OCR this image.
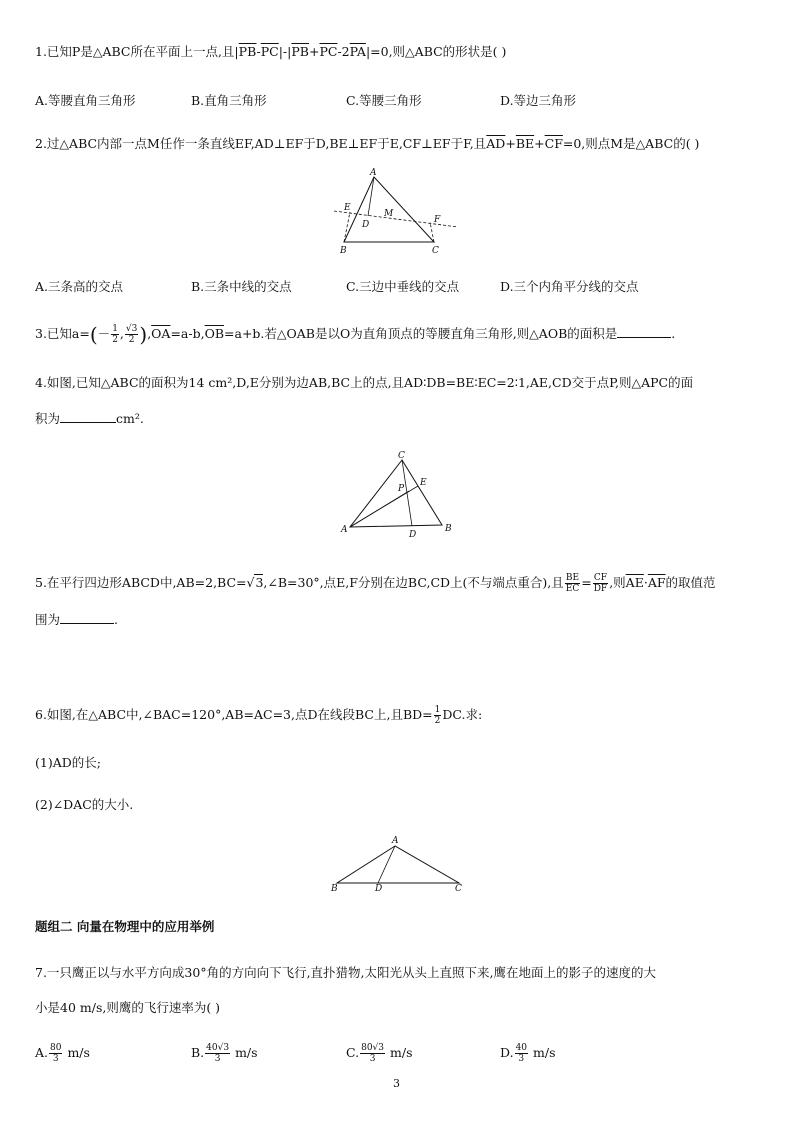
1.已知P是△ABC所在平面上一点,且$|\overline{PB}-\overline{PC}|-|\overline{PB}+\overline{PC}-2\overline{PA}|=0$,则△ABC的形状是( )
A.等腰直角三角形	B.直角三角形	C.等腰三角形	D.等边三角形
2.过△ABC内部一点M任作一条直线EF,AD⊥EF于D,BE⊥EF于E,CF⊥EF于F,且$\overline{AD}+\overline{BE}+\overline{CF}=0$,则点M是△ABC的( )
A
B	C
D
E
F
M
A.三条高的交点	B.三条中线的交点	C.三边中垂线的交点	D.三个内角平分线的交点
3.已知$a=(- \frac{1}{2}$ , $\frac{√3}{2} ),\overline{OA}=a-b,\overline{OB}=a+b$.若△OAB是以O为直角顶点的等腰直角三角形,则△AOB的面积是	.
4.如图,已知△ABC的面积为14 cm²,D,E分别为边AB,BC上的点,且AD∶DB=BE∶EC=2∶1,AE,CD交于点P,则△APC的面
积为	cm².
C
A	B
D
E
P
5.在平行四边形ABCD中,AB=2,BC=√3,∠B=30°,点E,F分别在边BC,CD上(不与端点重合),且 $\frac{BE}{EC} = \frac{CF}{DF}$ ,则$\overline{AE}\cdot\overline{AF}$的取值范
围为	.
6.如图,在△ABC中,∠BAC=120°,AB=AC=3,点D在线段BC上,且$BD= \frac{1}{2}$ DC.求:
(1)AD的长;
(2)∠DAC的大小.
A
B	C
D
题组二 向量在物理中的应用举例
7.一只鹰正以与水平方向成30°角的方向向下飞行,直扑猎物,太阳光从头上直照下来,鹰在地面上的影子的速度的大
小是40 m/s,则鹰的飞行速率为( )
A. $\frac{80}{3} m/s$	B. $\frac{40√3}{3} m/s$	C. $\frac{80√3}{3} m/s$	D. $\frac{40}{3} m/s$
3
